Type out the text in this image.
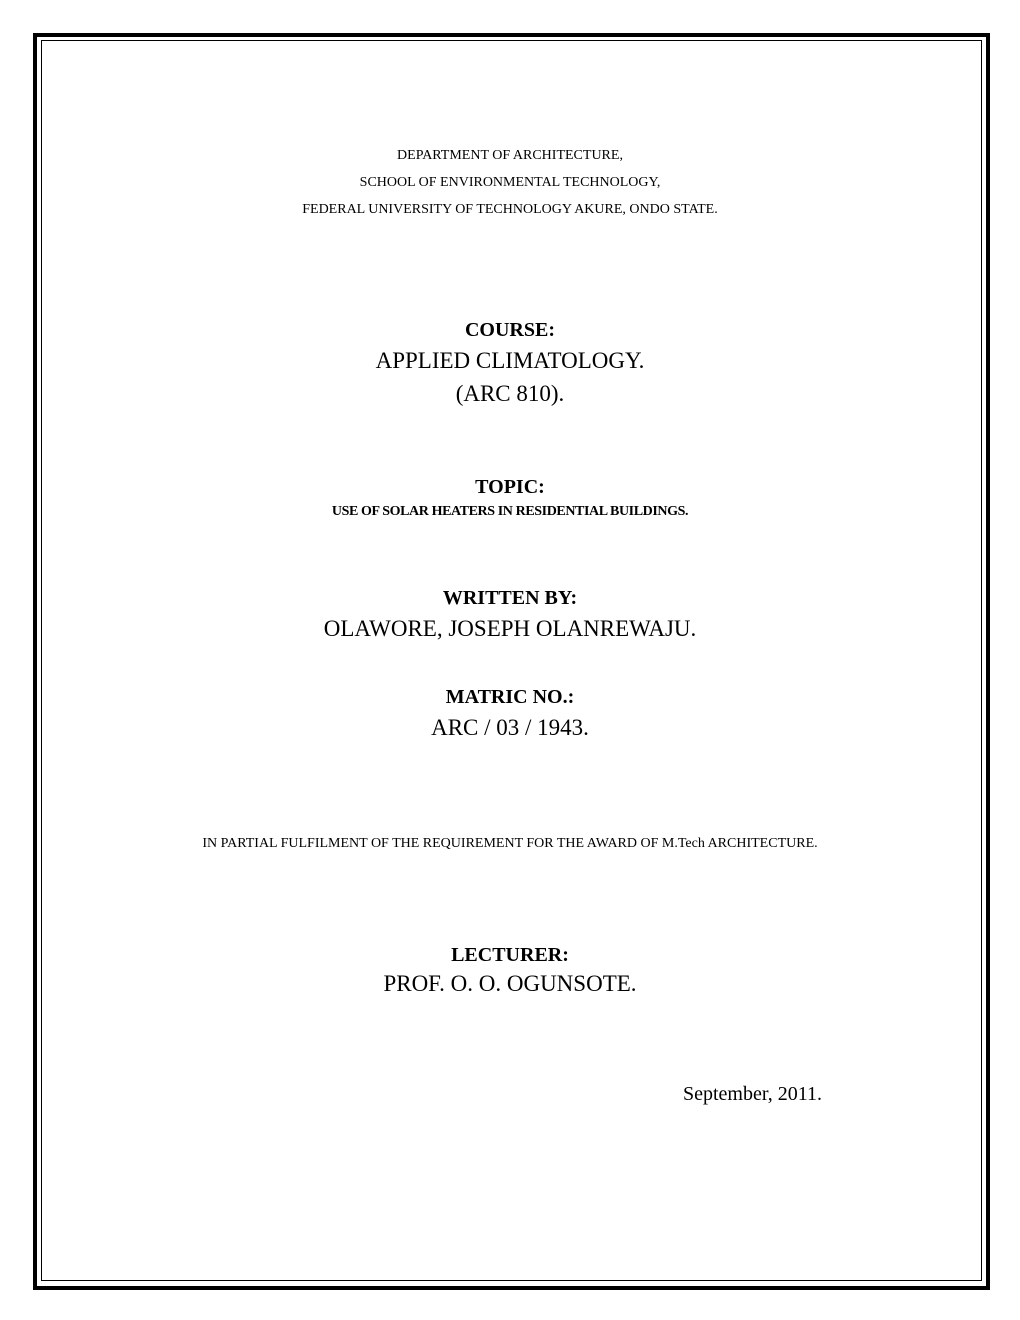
DEPARTMENT OF ARCHITECTURE,

SCHOOL OF ENVIRONMENTAL TECHNOLOGY,

FEDERAL UNIVERSITY OF TECHNOLOGY AKURE, ONDO STATE.

COURSE:

APPLIED CLIMATOLOGY.

(ARC 810).

TOPIC:

USE OF SOLAR HEATERS IN RESIDENTIAL BUILDINGS.

WRITTEN BY:

OLAWORE, JOSEPH OLANREWAJU.

MATRIC NO.:

ARC / 03 / 1943.

IN PARTIAL FULFILMENT OF THE REQUIREMENT FOR THE AWARD OF M.Tech ARCHITECTURE.

LECTURER:

PROF. O. O. OGUNSOTE.

September, 2011.
